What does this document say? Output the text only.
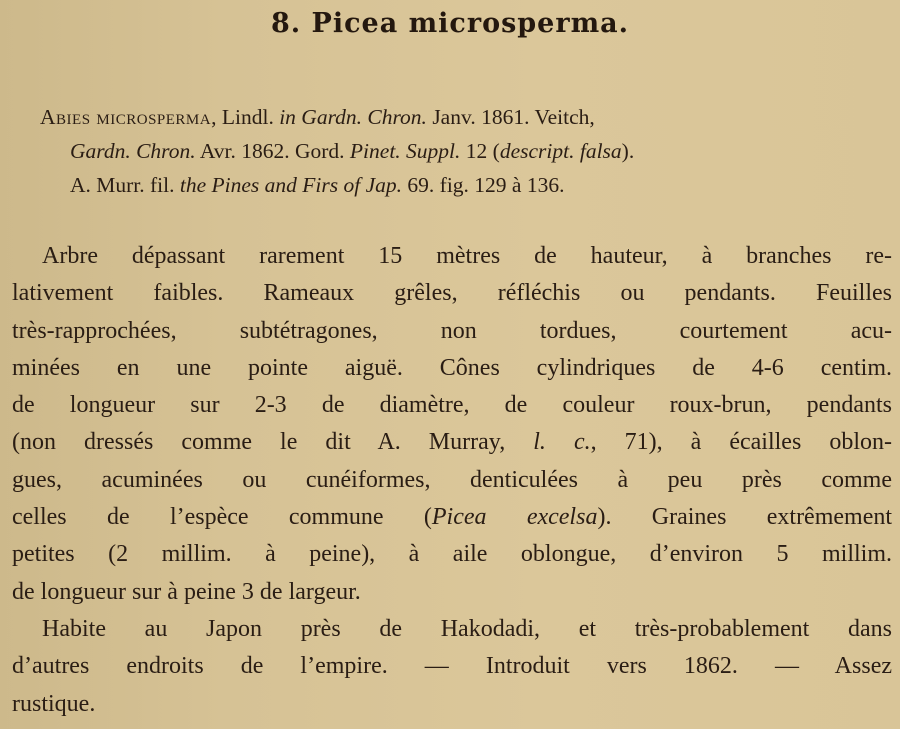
8. Picea microsperma.
Abies microsperma, Lindl. in Gardn. Chron. Janv. 1861. Veitch,
Gardn. Chron. Avr. 1862. Gord. Pinet. Suppl. 12 (descript. falsa).
A. Murr. fil. the Pines and Firs of Jap. 69. fig. 129 à 136.
Arbre dépassant rarement 15 mètres de hauteur, à branches re-
lativement faibles. Rameaux grêles, réfléchis ou pendants. Feuilles
très-rapprochées, subtétragones, non tordues, courtement acu-
minées en une pointe aiguë. Cônes cylindriques de 4-6 centim.
de longueur sur 2-3 de diamètre, de couleur roux-brun, pendants
(non dressés comme le dit A. Murray, l. c., 71), à écailles oblon-
gues, acuminées ou cunéiformes, denticulées à peu près comme
celles de l’espèce commune (Picea excelsa). Graines extrêmement
petites (2 millim. à peine), à aile oblongue, d’environ 5 millim.
de longueur sur à peine 3 de largeur.
Habite au Japon près de Hakodadi, et très-probablement dans
d’autres endroits de l’empire. — Introduit vers 1862. — Assez
rustique.
